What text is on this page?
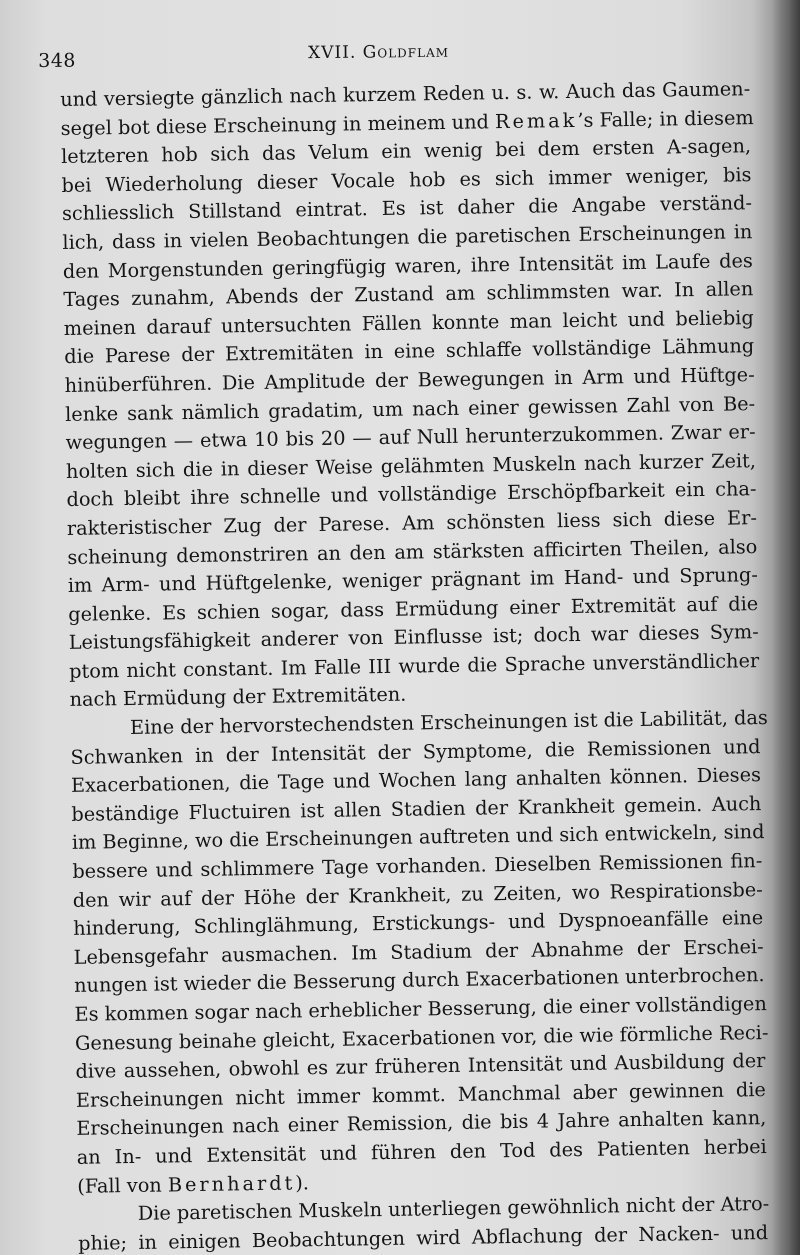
348	XVII. Goldflam
und versiegte gänzlich nach kurzem Reden u. s. w. Auch das Gaumen-
segel bot diese Erscheinung in meinem und Remak’s Falle; in diesem
letzteren hob sich das Velum ein wenig bei dem ersten A-sagen,
bei Wiederholung dieser Vocale hob es sich immer weniger, bis
schliesslich Stillstand eintrat. Es ist daher die Angabe verständ-
lich, dass in vielen Beobachtungen die paretischen Erscheinungen in
den Morgenstunden geringfügig waren, ihre Intensität im Laufe des
Tages zunahm, Abends der Zustand am schlimmsten war. In allen
meinen darauf untersuchten Fällen konnte man leicht und beliebig
die Parese der Extremitäten in eine schlaffe vollständige Lähmung
hinüberführen. Die Amplitude der Bewegungen in Arm und Hüftge-
lenke sank nämlich gradatim, um nach einer gewissen Zahl von Be-
wegungen — etwa 10 bis 20 — auf Null herunterzukommen. Zwar er-
holten sich die in dieser Weise gelähmten Muskeln nach kurzer Zeit,
doch bleibt ihre schnelle und vollständige Erschöpfbarkeit ein cha-
rakteristischer Zug der Parese. Am schönsten liess sich diese Er-
scheinung demonstriren an den am stärksten afficirten Theilen, also
im Arm- und Hüftgelenke, weniger prägnant im Hand- und Sprung-
gelenke. Es schien sogar, dass Ermüdung einer Extremität auf die
Leistungsfähigkeit anderer von Einflusse ist; doch war dieses Sym-
ptom nicht constant. Im Falle III wurde die Sprache unverständlicher
nach Ermüdung der Extremitäten.
Eine der hervorstechendsten Erscheinungen ist die Labilität, das
Schwanken in der Intensität der Symptome, die Remissionen und
Exacerbationen, die Tage und Wochen lang anhalten können. Dieses
beständige Fluctuiren ist allen Stadien der Krankheit gemein. Auch
im Beginne, wo die Erscheinungen auftreten und sich entwickeln, sind
bessere und schlimmere Tage vorhanden. Dieselben Remissionen fin-
den wir auf der Höhe der Krankheit, zu Zeiten, wo Respirationsbe-
hinderung, Schlinglähmung, Erstickungs- und Dyspnoeanfälle eine
Lebensgefahr ausmachen. Im Stadium der Abnahme der Erschei-
nungen ist wieder die Besserung durch Exacerbationen unterbrochen.
Es kommen sogar nach erheblicher Besserung, die einer vollständigen
Genesung beinahe gleicht, Exacerbationen vor, die wie förmliche Reci-
dive aussehen, obwohl es zur früheren Intensität und Ausbildung der
Erscheinungen nicht immer kommt. Manchmal aber gewinnen die
Erscheinungen nach einer Remission, die bis 4 Jahre anhalten kann,
an In- und Extensität und führen den Tod des Patienten herbei
(Fall von Bernhardt).
Die paretischen Muskeln unterliegen gewöhnlich nicht der Atro-
phie; in einigen Beobachtungen wird Abflachung der Nacken- und
